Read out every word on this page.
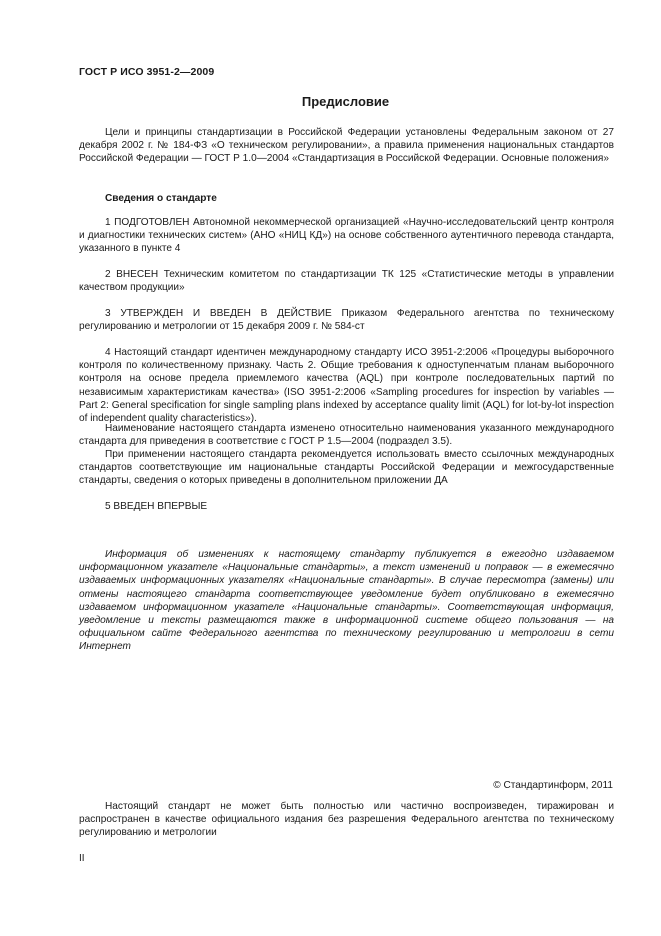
ГОСТ Р ИСО 3951-2—2009
Предисловие

Цели и принципы стандартизации в Российской Федерации установлены Федеральным законом от 27 декабря 2002 г. № 184-ФЗ «О техническом регулировании», а правила применения национальных стандартов Российской Федерации — ГОСТ Р 1.0—2004 «Стандартизация в Российской Федерации. Основные положения»

Сведения о стандарте

1 ПОДГОТОВЛЕН Автономной некоммерческой организацией «Научно-исследовательский центр контроля и диагностики технических систем» (АНО «НИЦ КД») на основе собственного аутентичного перевода стандарта, указанного в пункте 4

2 ВНЕСЕН Техническим комитетом по стандартизации ТК 125 «Статистические методы в управлении качеством продукции»

3 УТВЕРЖДЕН И ВВЕДЕН В ДЕЙСТВИЕ Приказом Федерального агентства по техническому регулированию и метрологии от 15 декабря 2009 г. № 584-ст

4 Настоящий стандарт идентичен международному стандарту ИСО 3951-2:2006 «Процедуры выборочного контроля по количественному признаку. Часть 2. Общие требования к одноступенчатым планам выборочного контроля на основе предела приемлемого качества (AQL) при контроле последовательных партий по независимым характеристикам качества» (ISO 3951-2:2006 «Sampling procedures for inspection by variables — Part 2: General specification for single sampling plans indexed by acceptance quality limit (AQL) for lot-by-lot inspection of independent quality characteristics»).

Наименование настоящего стандарта изменено относительно наименования указанного международного стандарта для приведения в соответствие с ГОСТ Р 1.5—2004 (подраздел 3.5).

При применении настоящего стандарта рекомендуется использовать вместо ссылочных международных стандартов соответствующие им национальные стандарты Российской Федерации и межгосударственные стандарты, сведения о которых приведены в дополнительном приложении ДА

5 ВВЕДЕН ВПЕРВЫЕ

Информация об изменениях к настоящему стандарту публикуется в ежегодно издаваемом информационном указателе «Национальные стандарты», а текст изменений и поправок — в ежемесячно издаваемых информационных указателях «Национальные стандарты». В случае пересмотра (замены) или отмены настоящего стандарта соответствующее уведомление будет опубликовано в ежемесячно издаваемом информационном указателе «Национальные стандарты». Соответствующая информация, уведомление и тексты размещаются также в информационной системе общего пользования — на официальном сайте Федерального агентства по техническому регулированию и метрологии в сети Интернет

© Стандартинформ, 2011

Настоящий стандарт не может быть полностью или частично воспроизведен, тиражирован и распространен в качестве официального издания без разрешения Федерального агентства по техническому регулированию и метрологии

II
